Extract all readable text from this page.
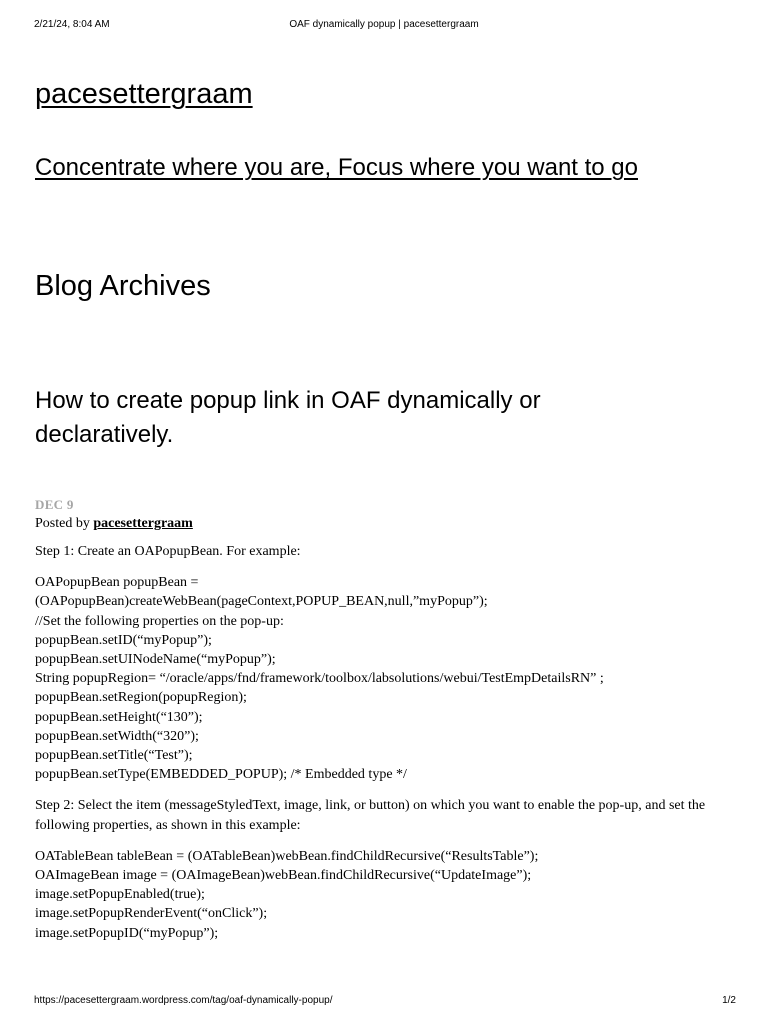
2/21/24, 8:04 AM	OAF dynamically popup | pacesettergraam
pacesettergraam
Concentrate where you are, Focus where you want to go
Blog Archives
How to create popup link in OAF dynamically or declaratively.
DEC 9
Posted by pacesettergraam

Step 1: Create an OAPopupBean. For example:

OAPopupBean popupBean =
(OAPopupBean)createWebBean(pageContext,POPUP_BEAN,null,”myPopup”);
//Set the following properties on the pop-up:
popupBean.setID(“myPopup”);
popupBean.setUINodeName(“myPopup”);
String popupRegion= “/oracle/apps/fnd/framework/toolbox/labsolutions/webui/TestEmpDetailsRN” ;
popupBean.setRegion(popupRegion);
popupBean.setHeight(“130”);
popupBean.setWidth(“320”);
popupBean.setTitle(“Test”);
popupBean.setType(EMBEDDED_POPUP); /* Embedded type */

Step 2: Select the item (messageStyledText, image, link, or button) on which you want to enable the pop-up, and set the following properties, as shown in this example:

OATableBean tableBean = (OATableBean)webBean.findChildRecursive(“ResultsTable”);
OAImageBean image = (OAImageBean)webBean.findChildRecursive(“UpdateImage”);
image.setPopupEnabled(true);
image.setPopupRenderEvent(“onClick”);
image.setPopupID(“myPopup”);

https://pacesettergraam.wordpress.com/tag/oaf-dynamically-popup/	1/2
